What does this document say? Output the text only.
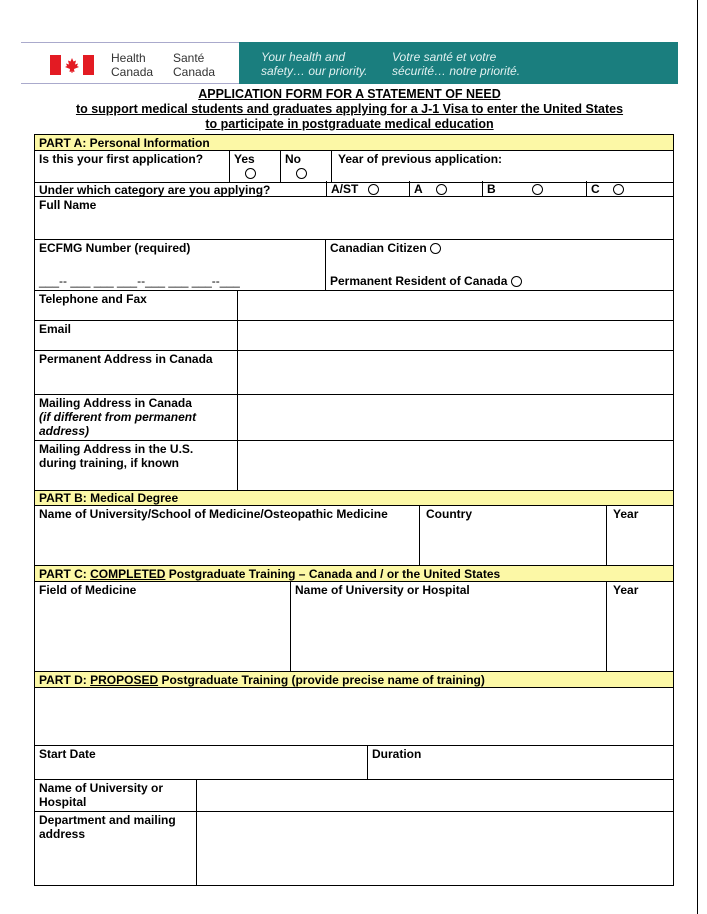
Health
Canada
Santé
Canada
Your health and
safety… our priority.
Votre santé et votre
sécurité… notre priorité.
APPLICATION FORM FOR A STATEMENT OF NEED
to support medical students and graduates applying for a J-1 Visa to enter the United States
to participate in postgraduate medical education
PART A: Personal Information
Is this your first application?	Yes	No	Year of previous application:
Under which category are you applying?	A/ST	A	B	C
Full Name
ECFMG Number (required)
___-- ___ ___ ___--___ ___ ___--___
Canadian Citizen
Permanent Resident of Canada
Telephone and Fax
Email
Permanent Address in Canada
Mailing Address in Canada
(if different from permanent address)
Mailing Address in the U.S. during training, if known
PART B: Medical Degree
Name of University/School of Medicine/Osteopathic Medicine	Country	Year
PART C: COMPLETED Postgraduate Training – Canada and / or the United States
Field of Medicine	Name of University or Hospital	Year
PART D: PROPOSED Postgraduate Training (provide precise name of training)
Start Date	Duration
Name of University or Hospital
Department and mailing address
